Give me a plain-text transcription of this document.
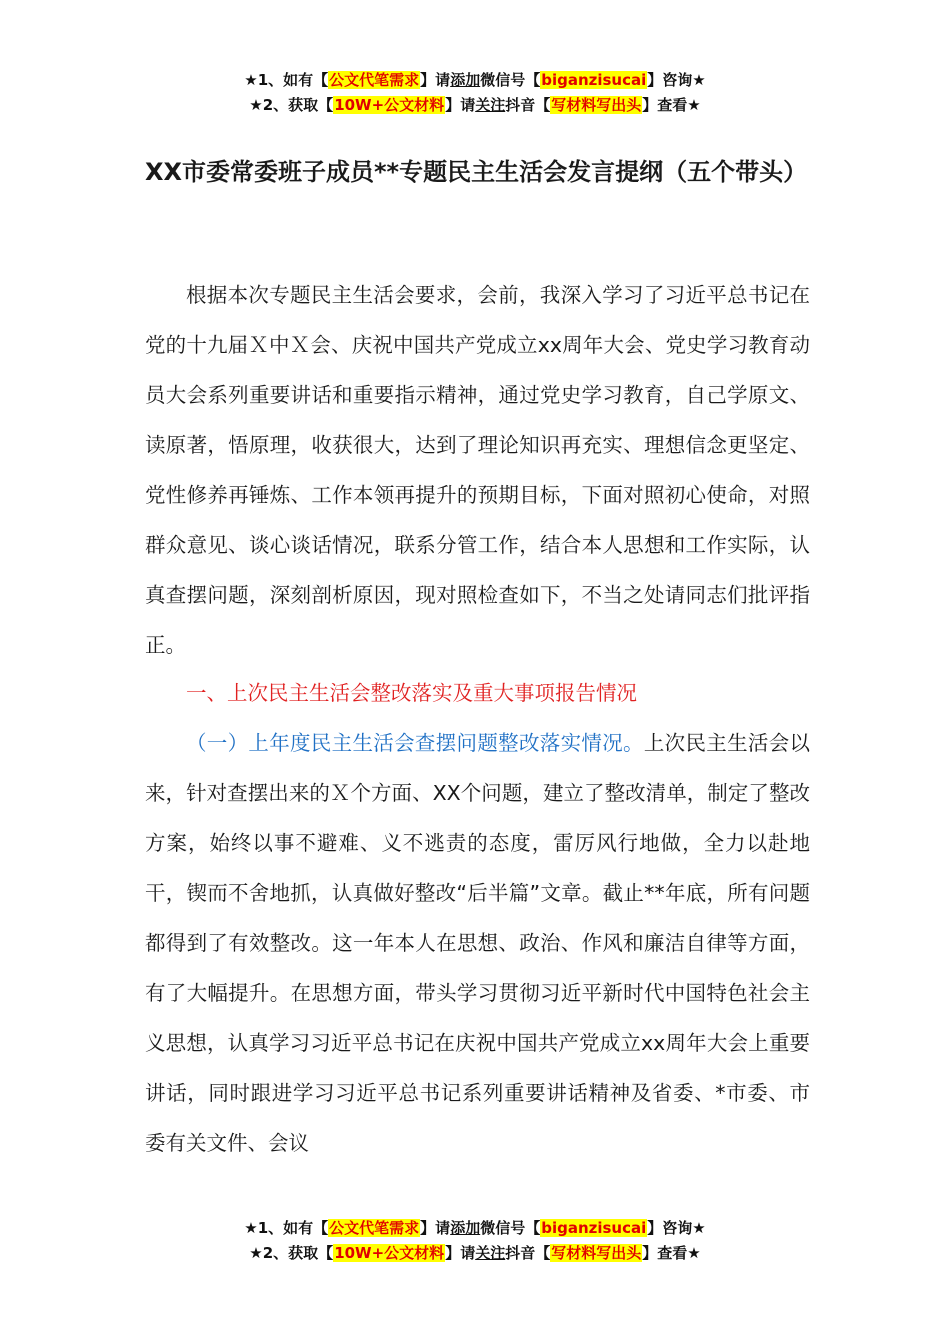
★1、如有【公文代笔需求】请添加微信号【biganzisucai】咨询★
★2、获取【10W+公文材料】请关注抖音【写材料写出头】查看★
XX市委常委班子成员**专题民主生活会发言提纲（五个带头）

根据本次专题民主生活会要求，会前，我深入学习了习近平总书记在党的十九届Ｘ中Ｘ会、庆祝中国共产党成立xx周年大会、党史学习教育动员大会系列重要讲话和重要指示精神，通过党史学习教育，自己学原文、读原著，悟原理，收获很大，达到了理论知识再充实、理想信念更坚定、党性修养再锤炼、工作本领再提升的预期目标，下面对照初心使命，对照群众意见、谈心谈话情况，联系分管工作，结合本人思想和工作实际，认真查摆问题，深刻剖析原因，现对照检查如下，不当之处请同志们批评指正。

一、上次民主生活会整改落实及重大事项报告情况

（一）上年度民主生活会查摆问题整改落实情况。上次民主生活会以来，针对查摆出来的Ｘ个方面、XX个问题，建立了整改清单，制定了整改方案，始终以事不避难、义不逃责的态度，雷厉风行地做，全力以赴地干，锲而不舍地抓，认真做好整改“后半篇”文章。截止**年底，所有问题都得到了有效整改。这一年本人在思想、政治、作风和廉洁自律等方面，有了大幅提升。在思想方面，带头学习贯彻习近平新时代中国特色社会主义思想，认真学习习近平总书记在庆祝中国共产党成立xx周年大会上重要讲话，同时跟进学习习近平总书记系列重要讲话精神及省委、*市委、市委有关文件、会议

★1、如有【公文代笔需求】请添加微信号【biganzisucai】咨询★
★2、获取【10W+公文材料】请关注抖音【写材料写出头】查看★
